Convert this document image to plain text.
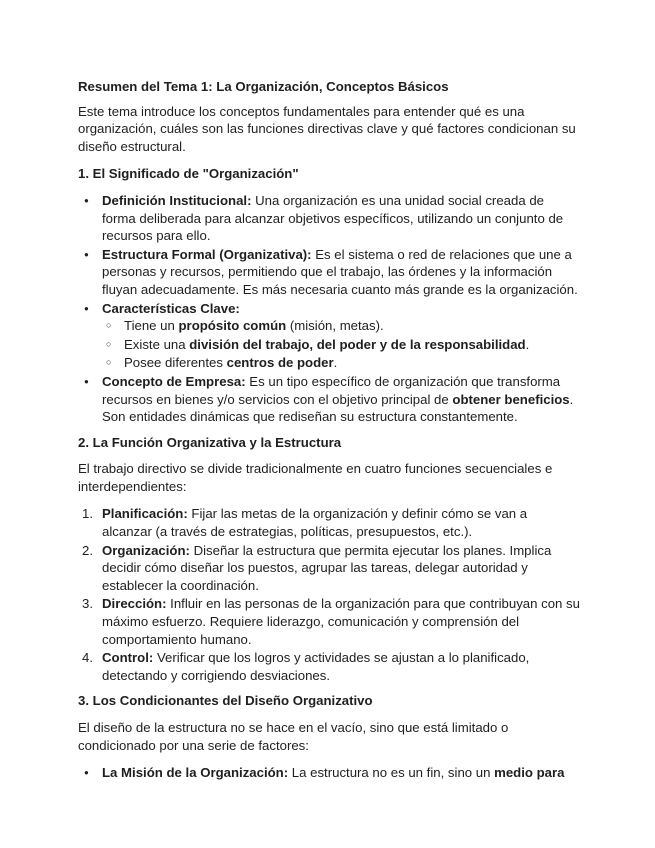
Resumen del Tema 1: La Organización, Conceptos Básicos

Este tema introduce los conceptos fundamentales para entender qué es una organización, cuáles son las funciones directivas clave y qué factores condicionan su diseño estructural.

1. El Significado de "Organización"
● Definición Institucional: Una organización es una unidad social creada de forma deliberada para alcanzar objetivos específicos, utilizando un conjunto de recursos para ello.
● Estructura Formal (Organizativa): Es el sistema o red de relaciones que une a personas y recursos, permitiendo que el trabajo, las órdenes y la información fluyan adecuadamente. Es más necesaria cuanto más grande es la organización.
● Características Clave:
○ Tiene un propósito común (misión, metas).
○ Existe una división del trabajo, del poder y de la responsabilidad.
○ Posee diferentes centros de poder.
● Concepto de Empresa: Es un tipo específico de organización que transforma recursos en bienes y/o servicios con el objetivo principal de obtener beneficios. Son entidades dinámicas que rediseñan su estructura constantemente.
2. La Función Organizativa y la Estructura

El trabajo directivo se divide tradicionalmente en cuatro funciones secuenciales e interdependientes:

1. Planificación: Fijar las metas de la organización y definir cómo se van a alcanzar (a través de estrategias, políticas, presupuestos, etc.).
2. Organización: Diseñar la estructura que permita ejecutar los planes. Implica decidir cómo diseñar los puestos, agrupar las tareas, delegar autoridad y establecer la coordinación.
3. Dirección: Influir en las personas de la organización para que contribuyan con su máximo esfuerzo. Requiere liderazgo, comunicación y comprensión del comportamiento humano.
4. Control: Verificar que los logros y actividades se ajustan a lo planificado, detectando y corrigiendo desviaciones.
3. Los Condicionantes del Diseño Organizativo

El diseño de la estructura no se hace en el vacío, sino que está limitado o condicionado por una serie de factores:

● La Misión de la Organización: La estructura no es un fin, sino un medio para
